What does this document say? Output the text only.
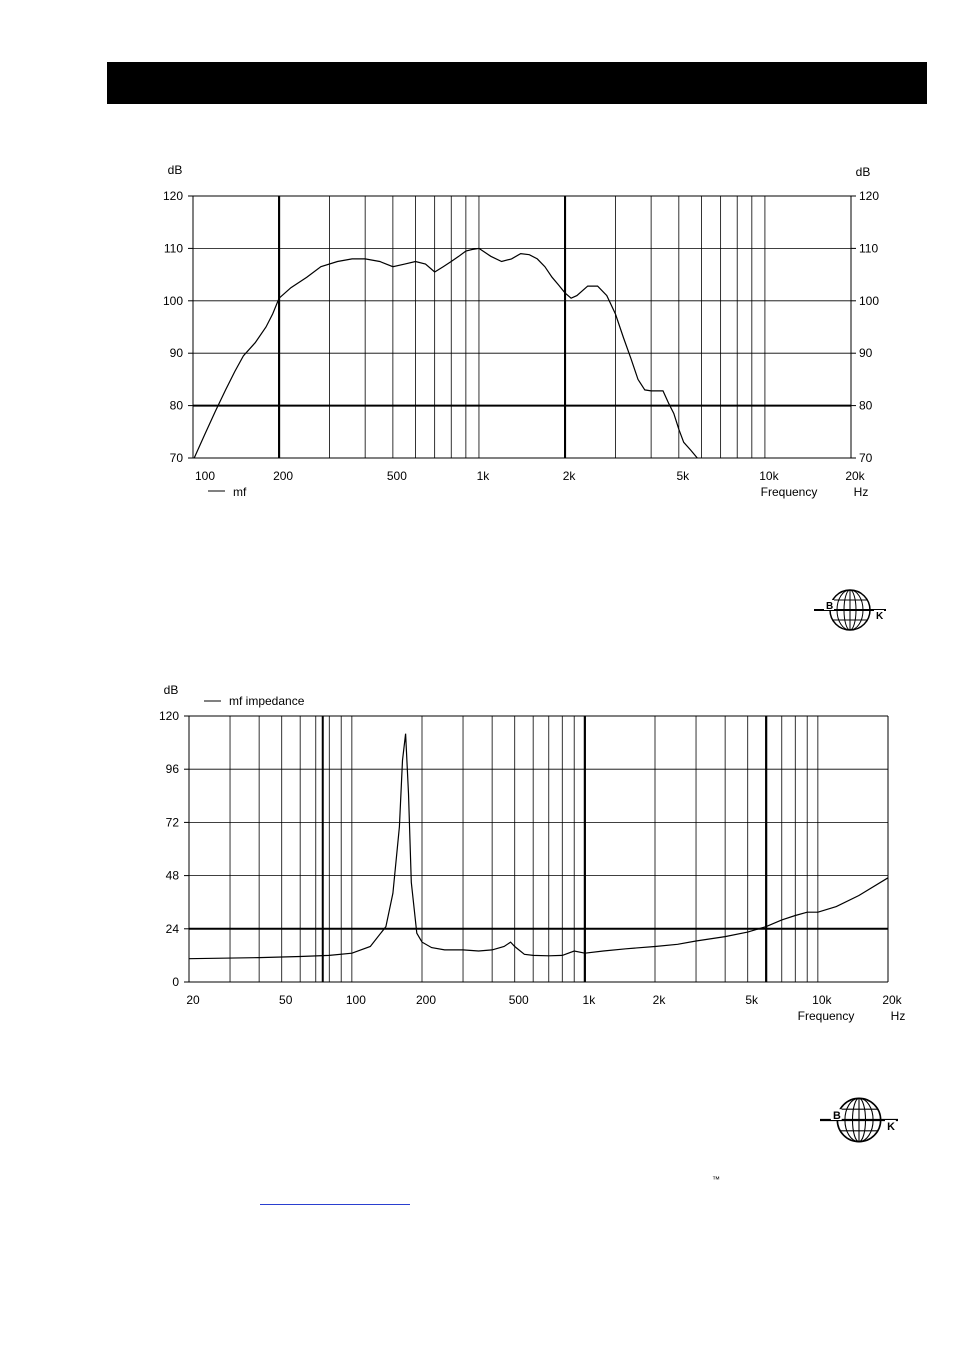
70	70
80	80
90	90
100	100
110	110
120	120
dB	dB
100	200	500	1k	2k	5k	10k	20k
Frequency	Hz
mf
0
24
48
72
96
120
dB
20	50	100	200	500	1k	2k	5k	10k	20k
Frequency	Hz
mf impedance
B
K
B
K
™
